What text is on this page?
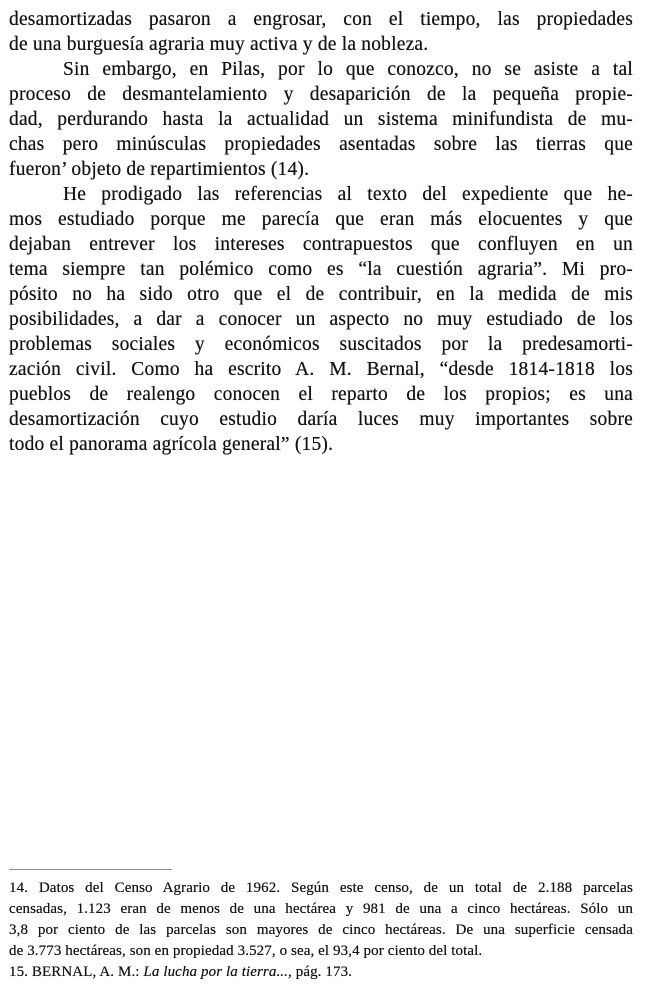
desamortizadas pasaron a engrosar, con el tiempo, las propiedades
de una burguesía agraria muy activa y de la nobleza.
Sin embargo, en Pilas, por lo que conozco, no se asiste a tal
proceso de desmantelamiento y desaparición de la pequeña propie-
dad, perdurando hasta la actualidad un sistema minifundista de mu-
chas pero minúsculas propiedades asentadas sobre las tierras que
fueron’ objeto de repartimientos (14).
He prodigado las referencias al texto del expediente que he-
mos estudiado porque me parecía que eran más elocuentes y que
dejaban entrever los intereses contrapuestos que confluyen en un
tema siempre tan polémico como es “la cuestión agraria”. Mi pro-
pósito no ha sido otro que el de contribuir, en la medida de mis
posibilidades, a dar a conocer un aspecto no muy estudiado de los
problemas sociales y económicos suscitados por la predesamorti-
zación civil. Como ha escrito A. M. Bernal, “desde 1814-1818 los
pueblos de realengo conocen el reparto de los propios; es una
desamortización cuyo estudio daría luces muy importantes sobre
todo el panorama agrícola general” (15).
14. Datos del Censo Agrario de 1962. Según este censo, de un total de 2.188 parcelas
censadas, 1.123 eran de menos de una hectárea y 981 de una a cinco hectáreas. Sólo un
3,8 por ciento de las parcelas son mayores de cinco hectáreas. De una superficie censada
de 3.773 hectáreas, son en propiedad 3.527, o sea, el 93,4 por ciento del total.
15. BERNAL, A. M.: La lucha por la tierra..., pág. 173.
